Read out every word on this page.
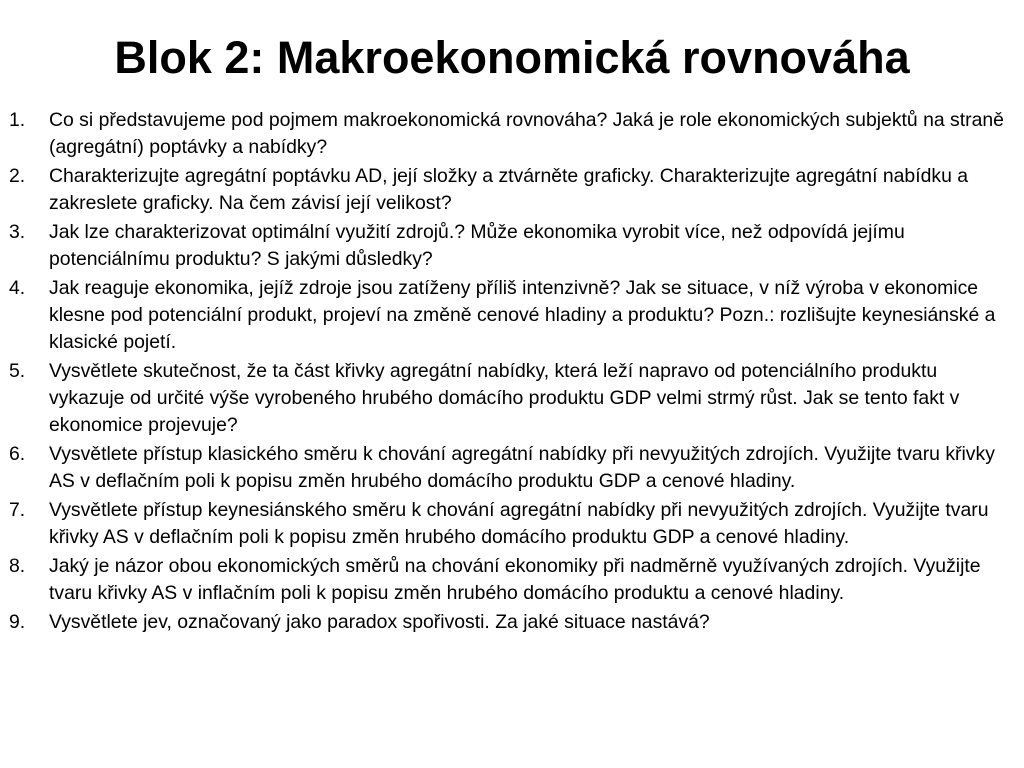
Blok 2: Makroekonomická rovnováha
1. Co si představujeme pod pojmem makroekonomická rovnováha? Jaká je role ekonomických subjektů na straně (agregátní) poptávky a nabídky?
2. Charakterizujte agregátní poptávku AD, její složky a ztvárněte graficky. Charakterizujte agregátní nabídku a zakreslete graficky. Na čem závisí její velikost?
3. Jak lze charakterizovat optimální využití zdrojů.? Může ekonomika vyrobit více, než odpovídá jejímu potenciálnímu produktu? S jakými důsledky?
4. Jak reaguje ekonomika, jejíž zdroje jsou zatíženy příliš intenzivně? Jak se situace, v níž výroba v ekonomice klesne pod potenciální produkt, projeví na změně cenové hladiny a produktu? Pozn.: rozlišujte keynesiánské a klasické pojetí.
5. Vysvětlete skutečnost, že ta část křivky agregátní nabídky, která leží napravo od potenciálního produktu vykazuje od určité výše vyrobeného hrubého domácího produktu GDP velmi strmý růst. Jak se tento fakt v ekonomice projevuje?
6. Vysvětlete přístup klasického směru k chování agregátní nabídky při nevyužitých zdrojích. Využijte tvaru křivky AS v deflačním poli k popisu změn hrubého domácího produktu GDP a cenové hladiny.
7. Vysvětlete přístup keynesiánského směru k chování agregátní nabídky při nevyužitých zdrojích. Využijte tvaru křivky AS v deflačním poli k popisu změn hrubého domácího produktu GDP a cenové hladiny.
8. Jaký je názor obou ekonomických směrů na chování ekonomiky při nadměrně využívaných zdrojích. Využijte tvaru křivky AS v inflačním poli k popisu změn hrubého domácího produktu a cenové hladiny.
9. Vysvětlete jev, označovaný jako paradox spořivosti. Za jaké situace nastává?
